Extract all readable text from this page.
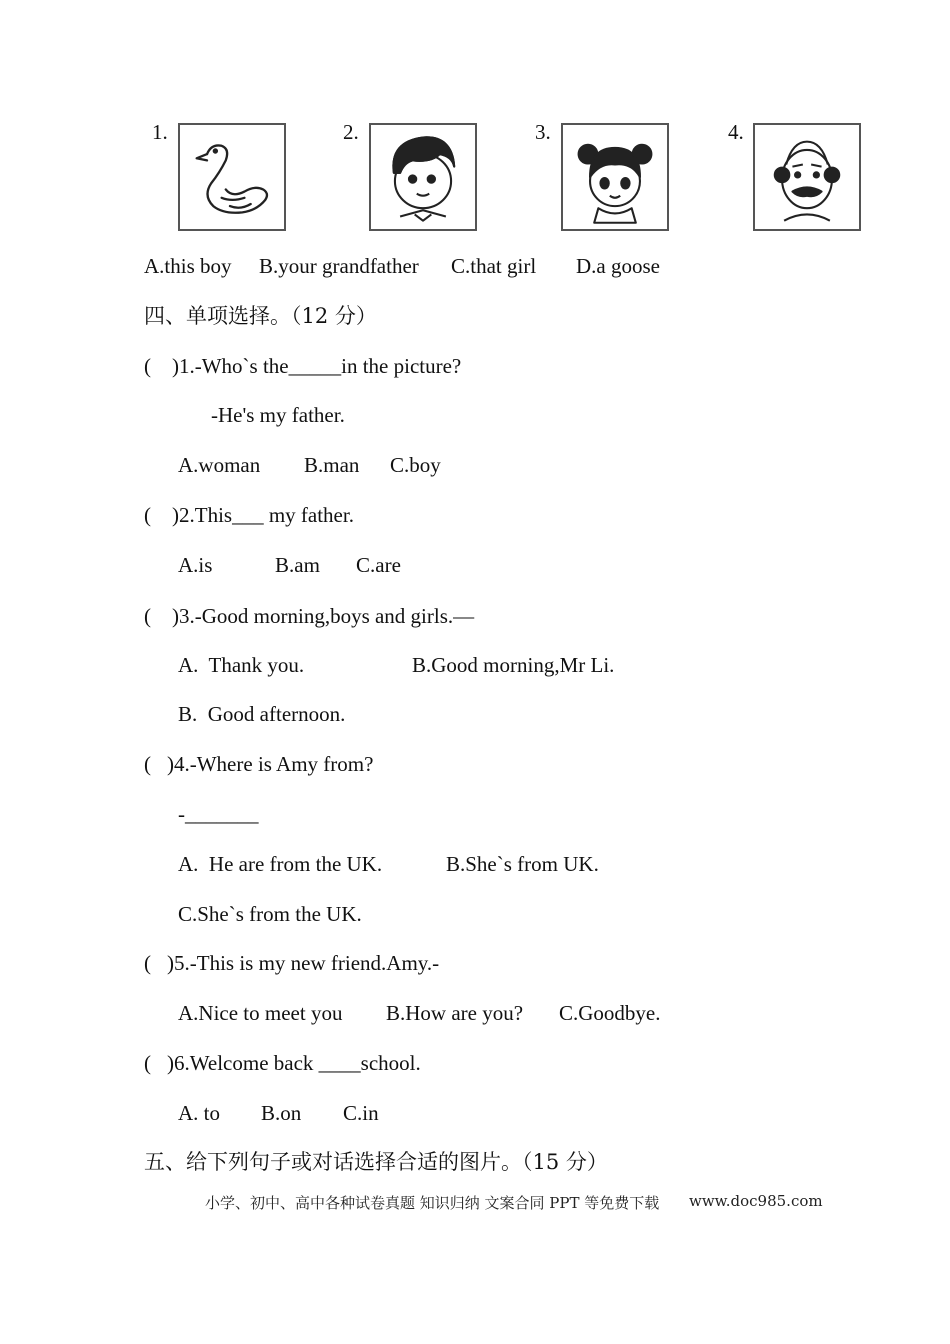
1.	2.	3.	4.
A.this boy B.your grandfather C.that girl D.a goose
四、单项选择。（12 分）
( )1.-Who`s the_____in the picture?
-He's my father.
A.woman B.man C.boy
( )2.This___ my father.
A.is	B.am C.are
( )3.-Good morning,boys and girls.—
A.  Thank you.	B.Good morning,Mr Li.
B.  Good afternoon.
( )4.-Where is Amy from?
-_______
A.  He are from the UK.	B.She`s from UK.
C.She`s from the UK.
( )5.-This is my new friend.Amy.-
A.Nice to meet you B.How are you? C.Goodbye.
( )6.Welcome back ____school.
A. to B.on C.in
五、给下列句子或对话选择合适的图片。（15 分）
小学、初中、高中各种试卷真题 知识归纳 文案合同 PPT 等免费下载 www.doc985.com
